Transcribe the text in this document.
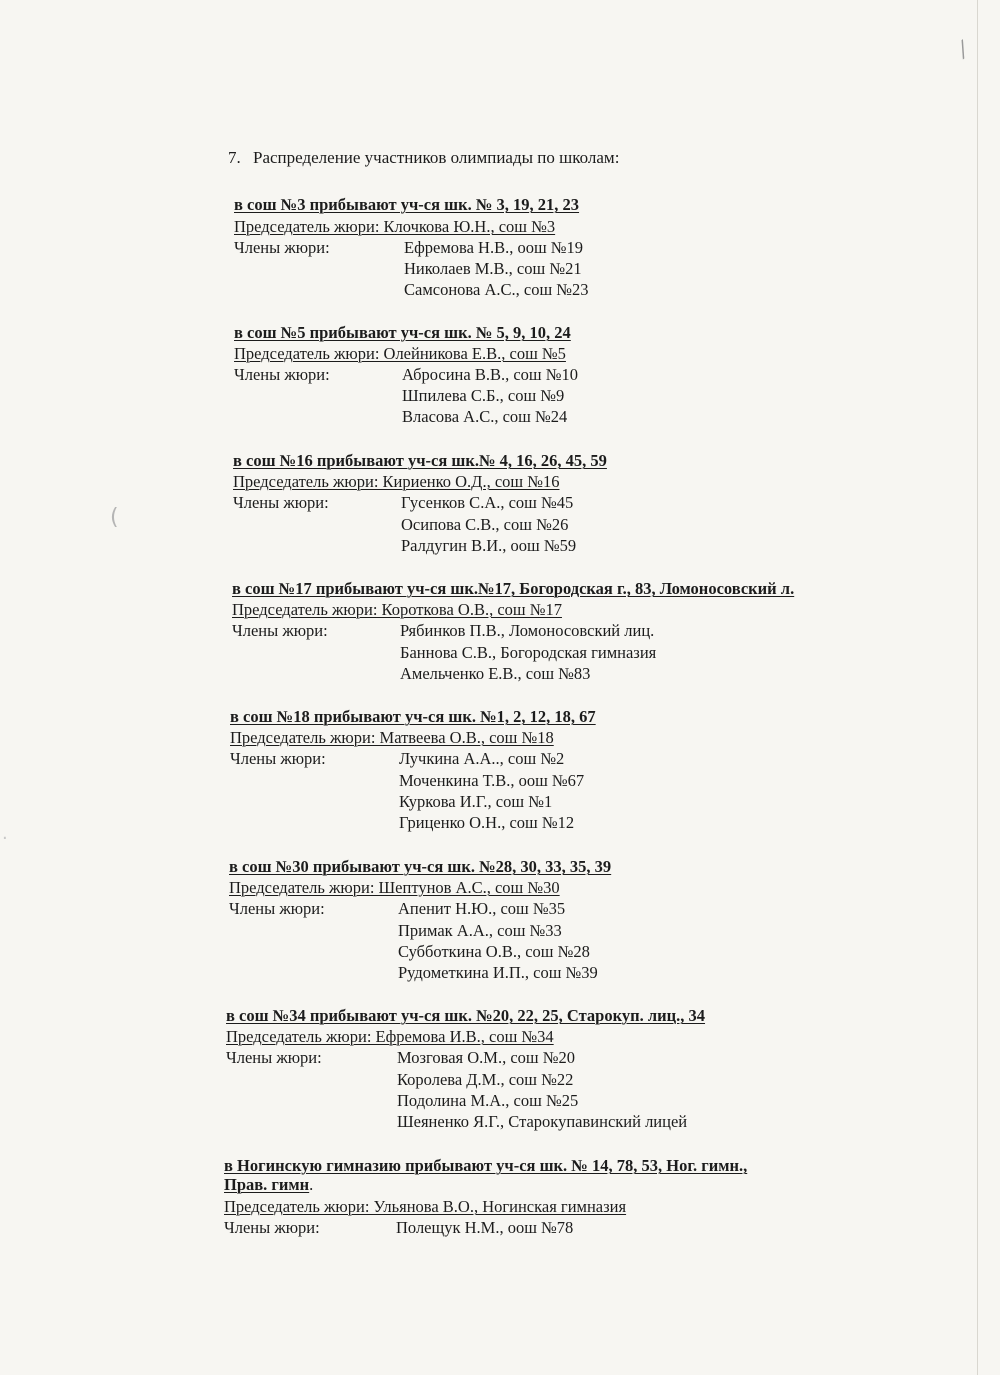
⁄
(
·
7. Распределение участников олимпиады по школам:
в сош №3 прибывают уч-ся шк. № 3, 19, 21, 23
Председатель жюри: Клочкова Ю.Н., сош №3
Члены жюри:	Ефремова Н.В., оош №19
Николаев М.В., сош №21
Самсонова А.С., сош №23
в сош №5 прибывают уч-ся шк. № 5, 9, 10, 24
Председатель жюри: Олейникова Е.В., сош №5
Члены жюри:	Абросина В.В., сош №10
Шпилева С.Б., сош №9
Власова А.С., сош №24
в сош №16 прибывают уч-ся шк.№ 4, 16, 26, 45, 59
Председатель жюри: Кириенко О.Д., сош №16
Члены жюри:	Гусенков С.А., сош №45
Осипова С.В., сош №26
Ралдугин В.И., оош №59
в сош №17 прибывают уч-ся шк.№17, Богородская г., 83, Ломоносовский л.
Председатель жюри: Короткова О.В., сош №17
Члены жюри:	Рябинков П.В., Ломоносовский лиц.
Баннова С.В., Богородская гимназия
Амельченко Е.В., сош №83
в сош №18 прибывают уч-ся шк. №1, 2, 12, 18, 67
Председатель жюри: Матвеева О.В., сош №18
Члены жюри:	Лучкина А.А.., сош №2
Моченкина Т.В., оош №67
Куркова И.Г., сош №1
Гриценко О.Н., сош №12
в сош №30 прибывают уч-ся шк. №28, 30, 33, 35, 39
Председатель жюри: Шептунов А.С., сош №30
Члены жюри:	Апенит Н.Ю., сош №35
Примак А.А., сош №33
Субботкина О.В., сош №28
Рудометкина И.П., сош №39
в сош №34 прибывают уч-ся шк. №20, 22, 25, Старокуп. лиц., 34
Председатель жюри: Ефремова И.В., сош №34
Члены жюри:	Мозговая О.М., сош №20
Королева Д.М., сош №22
Подолина М.А., сош №25
Шеяненко Я.Г., Старокупавинский лицей
в Ногинскую гимназию прибывают уч-ся шк. № 14, 78, 53, Ног. гимн.,
Прав. гимн.
Председатель жюри: Ульянова В.О., Ногинская гимназия
Члены жюри:	Полещук Н.М., оош №78
